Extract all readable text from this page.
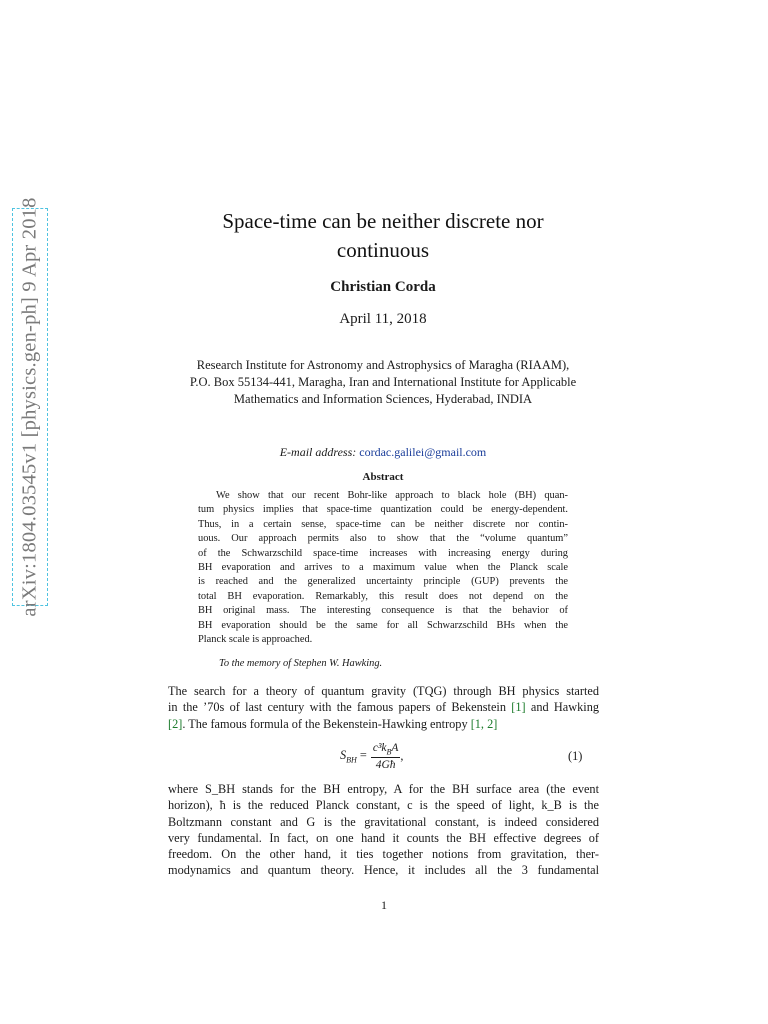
arXiv:1804.03545v1 [physics.gen-ph] 9 Apr 2018	Space-time can be neither discrete nor
continuous
Christian Corda
April 11, 2018
Research Institute for Astronomy and Astrophysics of Maragha (RIAAM),
P.O. Box 55134-441, Maragha, Iran and International Institute for Applicable
Mathematics and Information Sciences, Hyderabad, INDIA
E-mail address: cordac.galilei@gmail.com
Abstract
We show that our recent Bohr-like approach to black hole (BH) quan-
tum physics implies that space-time quantization could be energy-dependent.
Thus, in a certain sense, space-time can be neither discrete nor contin-
uous. Our approach permits also to show that the “volume quantum”
of the Schwarzschild space-time increases with increasing energy during
BH evaporation and arrives to a maximum value when the Planck scale
is reached and the generalized uncertainty principle (GUP) prevents the
total BH evaporation. Remarkably, this result does not depend on the
BH original mass. The interesting consequence is that the behavior of
BH evaporation should be the same for all Schwarzschild BHs when the
Planck scale is approached.
To the memory of Stephen W. Hawking.
The search for a theory of quantum gravity (TQG) through BH physics started
in the ’70s of last century with the famous papers of Bekenstein [1] and Hawking
[2]. The famous formula of the Bekenstein-Hawking entropy [1, 2]
$S_{BH} = \frac{c^3k_BA}{4Għ}$ ,	(1)
where S_BH stands for the BH entropy, A for the BH surface area (the event
horizon), ħ is the reduced Planck constant, c is the speed of light, k_B is the
Boltzmann constant and G is the gravitational constant, is indeed considered
very fundamental. In fact, on one hand it counts the BH effective degrees of
freedom. On the other hand, it ties together notions from gravitation, ther-
modynamics and quantum theory. Hence, it includes all the 3 fundamental
1
